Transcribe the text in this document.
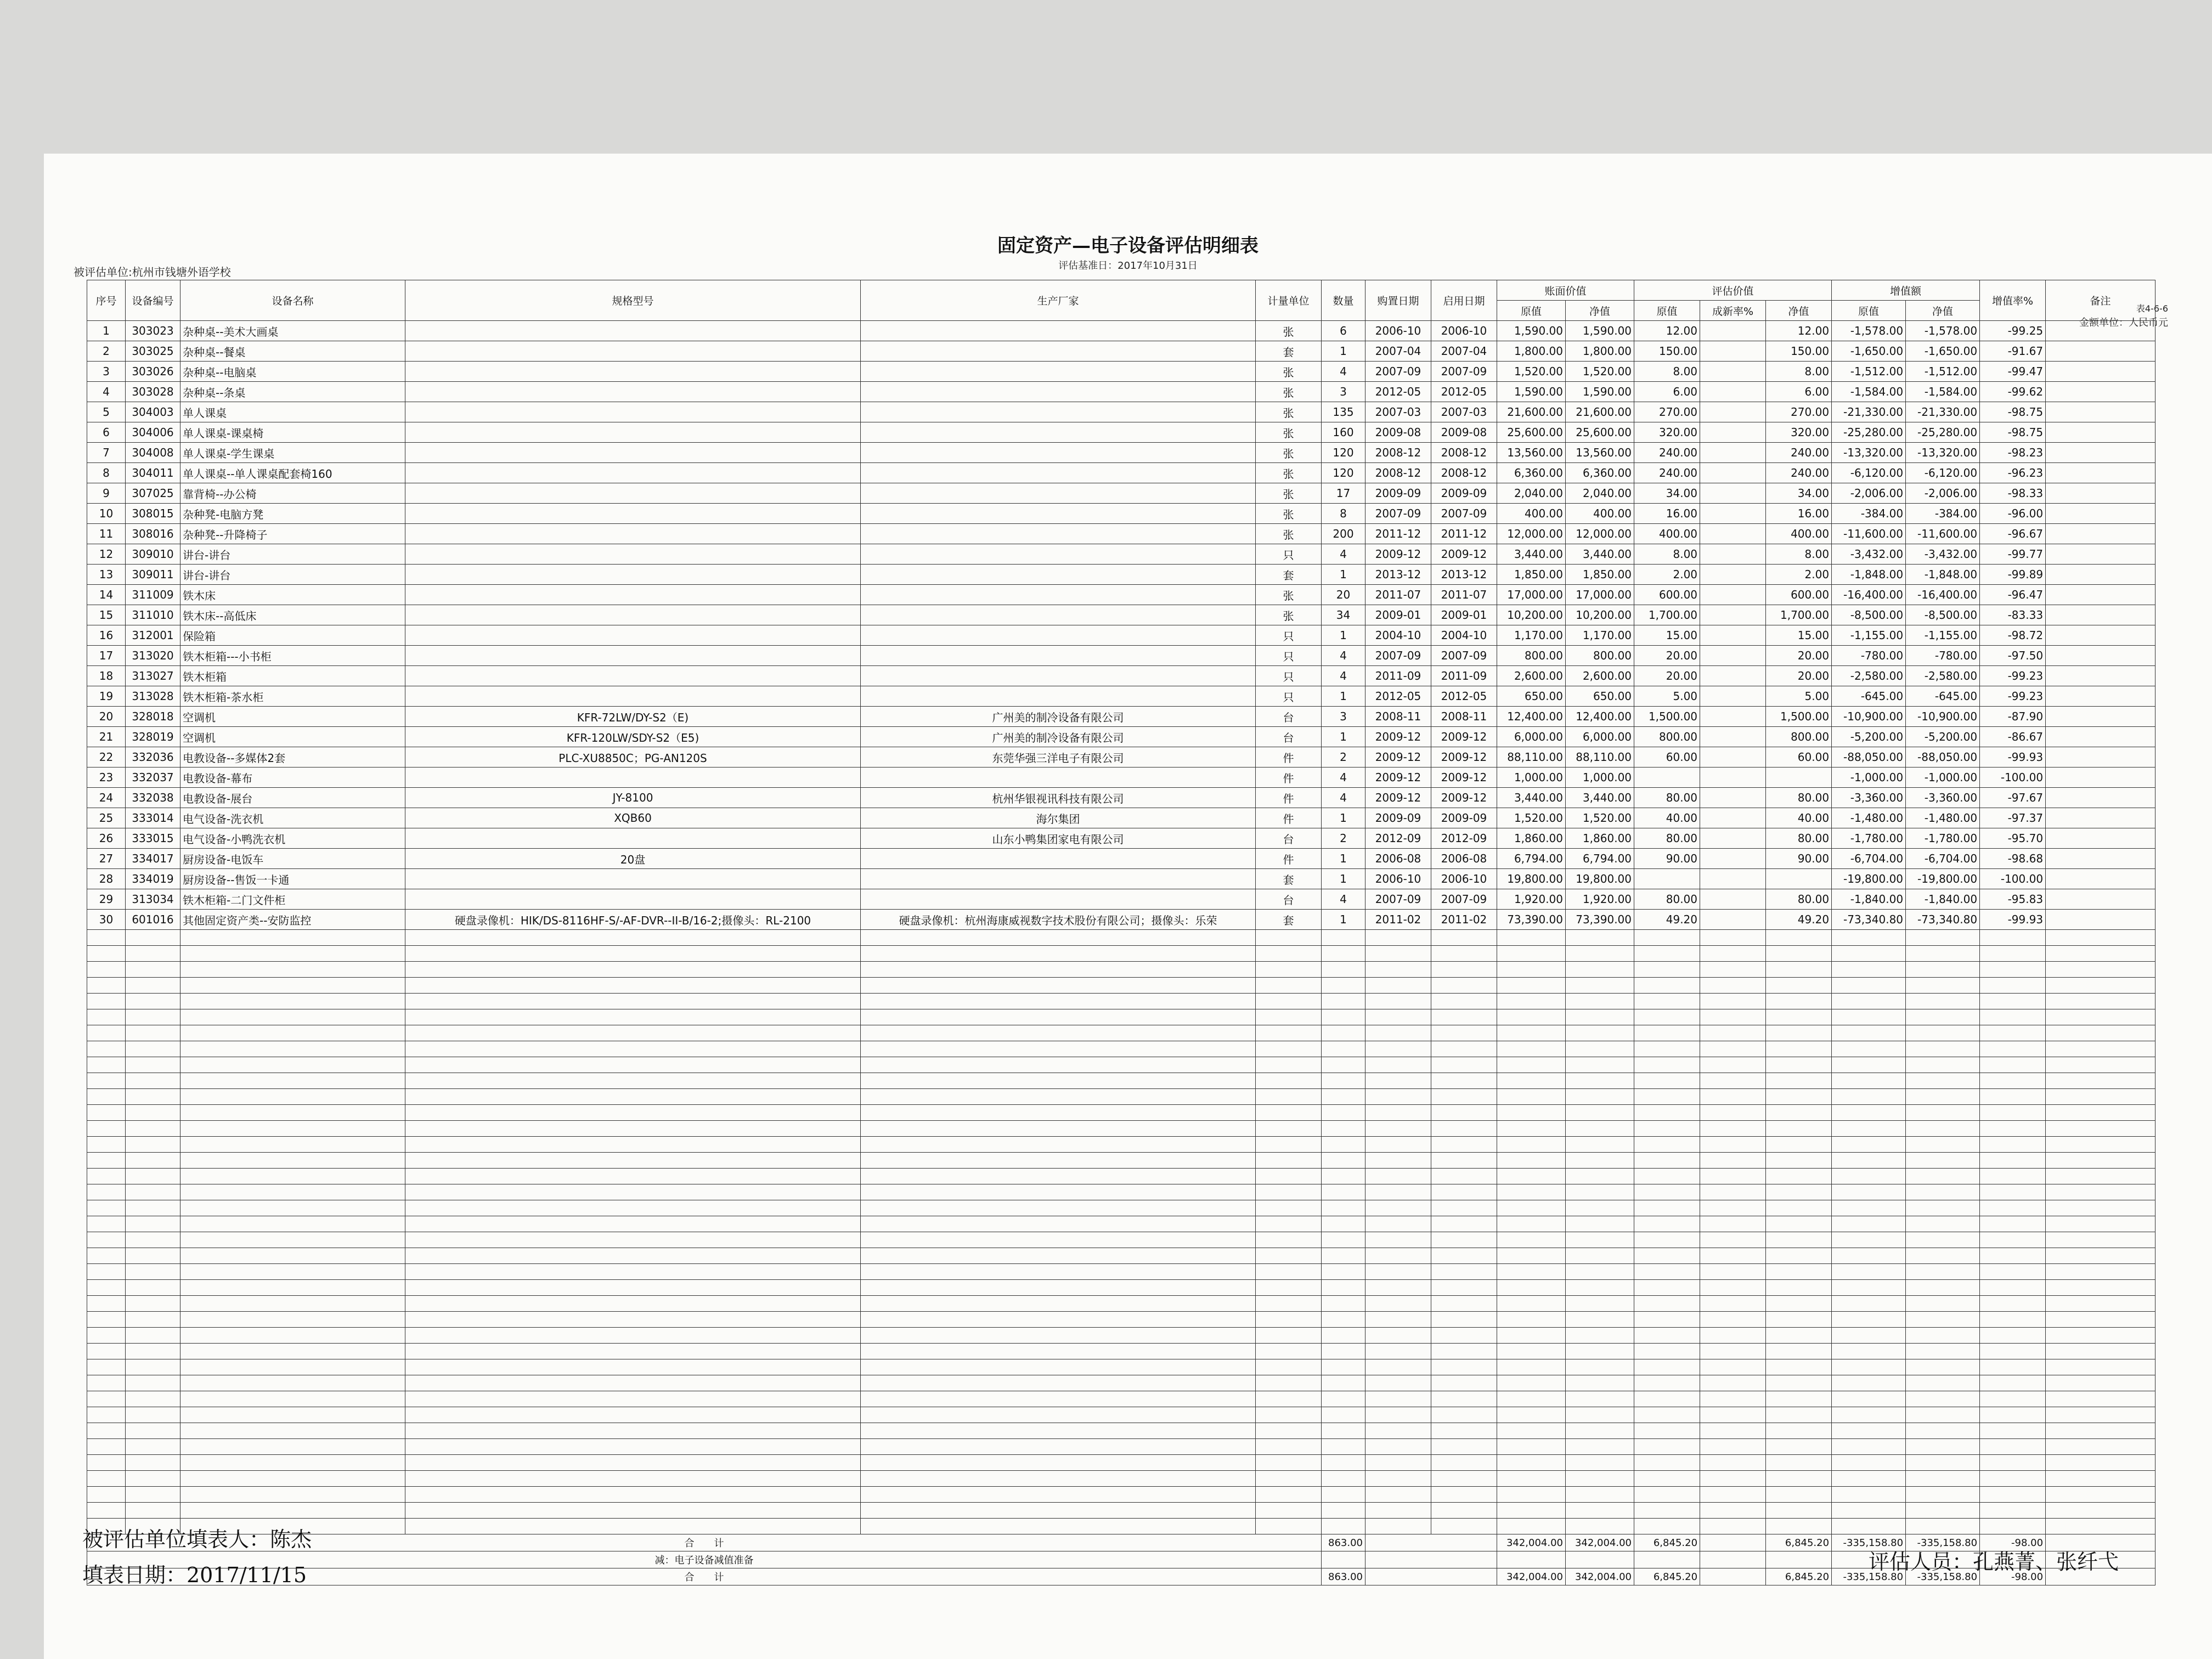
固定资产—电子设备评估明细表
评估基准日：2017年10月31日
被评估单位:杭州市钱塘外语学校
表4-6-6
金额单位：人民币元
序号	设备编号	设备名称	规格型号	生产厂家	计量单位	数量	购置日期	启用日期	账面价值		评估价值			增值额		增值率%	备注
									原值	净值	原值	成新率%	净值	原值	净值		
1	303023	杂种桌--美术大画桌			张	6	2006-10	2006-10	1,590.00	1,590.00	12.00		12.00	-1,578.00	-1,578.00	-99.25	
2	303025	杂种桌--餐桌			套	1	2007-04	2007-04	1,800.00	1,800.00	150.00		150.00	-1,650.00	-1,650.00	-91.67	
3	303026	杂种桌--电脑桌			张	4	2007-09	2007-09	1,520.00	1,520.00	8.00		8.00	-1,512.00	-1,512.00	-99.47	
4	303028	杂种桌--条桌			张	3	2012-05	2012-05	1,590.00	1,590.00	6.00		6.00	-1,584.00	-1,584.00	-99.62	
5	304003	单人课桌			张	135	2007-03	2007-03	21,600.00	21,600.00	270.00		270.00	-21,330.00	-21,330.00	-98.75	
6	304006	单人课桌-课桌椅			张	160	2009-08	2009-08	25,600.00	25,600.00	320.00		320.00	-25,280.00	-25,280.00	-98.75	
7	304008	单人课桌-学生课桌			张	120	2008-12	2008-12	13,560.00	13,560.00	240.00		240.00	-13,320.00	-13,320.00	-98.23	
8	304011	单人课桌--单人课桌配套椅160			张	120	2008-12	2008-12	6,360.00	6,360.00	240.00		240.00	-6,120.00	-6,120.00	-96.23	
9	307025	靠背椅--办公椅			张	17	2009-09	2009-09	2,040.00	2,040.00	34.00		34.00	-2,006.00	-2,006.00	-98.33	
10	308015	杂种凳-电脑方凳			张	8	2007-09	2007-09	400.00	400.00	16.00		16.00	-384.00	-384.00	-96.00	
11	308016	杂种凳--升降椅子			张	200	2011-12	2011-12	12,000.00	12,000.00	400.00		400.00	-11,600.00	-11,600.00	-96.67	
12	309010	讲台-讲台			只	4	2009-12	2009-12	3,440.00	3,440.00	8.00		8.00	-3,432.00	-3,432.00	-99.77	
13	309011	讲台-讲台			套	1	2013-12	2013-12	1,850.00	1,850.00	2.00		2.00	-1,848.00	-1,848.00	-99.89	
14	311009	铁木床			张	20	2011-07	2011-07	17,000.00	17,000.00	600.00		600.00	-16,400.00	-16,400.00	-96.47	
15	311010	铁木床--高低床			张	34	2009-01	2009-01	10,200.00	10,200.00	1,700.00		1,700.00	-8,500.00	-8,500.00	-83.33	
16	312001	保险箱			只	1	2004-10	2004-10	1,170.00	1,170.00	15.00		15.00	-1,155.00	-1,155.00	-98.72	
17	313020	铁木柜箱---小书柜			只	4	2007-09	2007-09	800.00	800.00	20.00		20.00	-780.00	-780.00	-97.50	
18	313027	铁木柜箱			只	4	2011-09	2011-09	2,600.00	2,600.00	20.00		20.00	-2,580.00	-2,580.00	-99.23	
19	313028	铁木柜箱-茶水柜			只	1	2012-05	2012-05	650.00	650.00	5.00		5.00	-645.00	-645.00	-99.23	
20	328018	空调机	KFR-72LW/DY-S2（E)	广州美的制冷设备有限公司	台	3	2008-11	2008-11	12,400.00	12,400.00	1,500.00		1,500.00	-10,900.00	-10,900.00	-87.90	
21	328019	空调机	KFR-120LW/SDY-S2（E5)	广州美的制冷设备有限公司	台	1	2009-12	2009-12	6,000.00	6,000.00	800.00		800.00	-5,200.00	-5,200.00	-86.67	
22	332036	电教设备--多媒体2套	PLC-XU8850C；PG-AN120S	东莞华强三洋电子有限公司	件	2	2009-12	2009-12	88,110.00	88,110.00	60.00		60.00	-88,050.00	-88,050.00	-99.93	
23	332037	电教设备-幕布			件	4	2009-12	2009-12	1,000.00	1,000.00				-1,000.00	-1,000.00	-100.00	
24	332038	电教设备-展台	JY-8100	杭州华银视讯科技有限公司	件	4	2009-12	2009-12	3,440.00	3,440.00	80.00		80.00	-3,360.00	-3,360.00	-97.67	
25	333014	电气设备-洗衣机	XQB60	海尔集团	件	1	2009-09	2009-09	1,520.00	1,520.00	40.00		40.00	-1,480.00	-1,480.00	-97.37	
26	333015	电气设备-小鸭洗衣机		山东小鸭集团家电有限公司	台	2	2012-09	2012-09	1,860.00	1,860.00	80.00		80.00	-1,780.00	-1,780.00	-95.70	
27	334017	厨房设备-电饭车	20盘		件	1	2006-08	2006-08	6,794.00	6,794.00	90.00		90.00	-6,704.00	-6,704.00	-98.68	
28	334019	厨房设备--售饭一卡通			套	1	2006-10	2006-10	19,800.00	19,800.00				-19,800.00	-19,800.00	-100.00	
29	313034	铁木柜箱-二门文件柜			台	4	2007-09	2007-09	1,920.00	1,920.00	80.00		80.00	-1,840.00	-1,840.00	-95.83	
30	601016	其他固定资产类--安防监控	硬盘录像机：HIK/DS-8116HF-S/-AF-DVR--II-B/16-2;摄像头：RL-2100	硬盘录像机：杭州海康威视数字技术股份有限公司；摄像头：乐荣	套	1	2011-02	2011-02	73,390.00	73,390.00	49.20		49.20	-73,340.80	-73,340.80	-99.93	

合　　计						863.00			342,004.00	342,004.00	6,845.20		6,845.20	-335,158.80	-335,158.80	-98.00	
减：电子设备减值准备																	
合　　计						863.00			342,004.00	342,004.00	6,845.20		6,845.20	-335,158.80	-335,158.80	-98.00	
被评估单位填表人：陈杰
填表日期：2017/11/15
评估人员：孔燕菁、张纤弋
